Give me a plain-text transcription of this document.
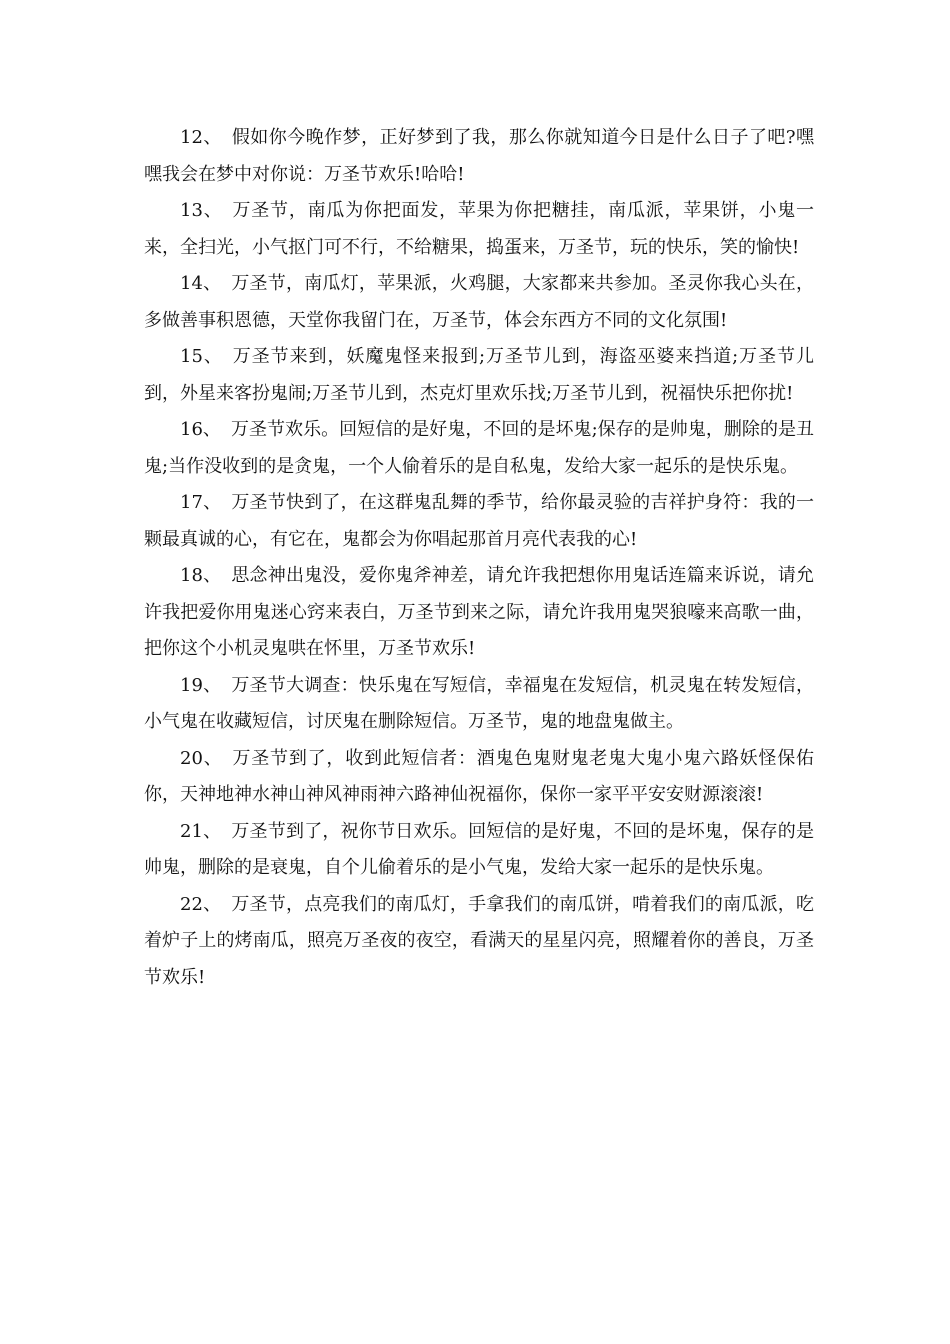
12、 假如你今晚作梦，正好梦到了我，那么你就知道今日是什么日子了吧?嘿嘿我会在梦中对你说：万圣节欢乐!哈哈!

13、 万圣节，南瓜为你把面发，苹果为你把糖挂，南瓜派，苹果饼，小鬼一来，全扫光，小气抠门可不行，不给糖果，捣蛋来，万圣节，玩的快乐，笑的愉快!

14、 万圣节，南瓜灯，苹果派，火鸡腿，大家都来共参加。圣灵你我心头在，多做善事积恩德，天堂你我留门在，万圣节，体会东西方不同的文化氛围!

15、 万圣节来到，妖魔鬼怪来报到;万圣节儿到，海盗巫婆来挡道;万圣节儿到，外星来客扮鬼闹;万圣节儿到，杰克灯里欢乐找;万圣节儿到，祝福快乐把你扰!

16、 万圣节欢乐。回短信的是好鬼，不回的是坏鬼;保存的是帅鬼，删除的是丑鬼;当作没收到的是贪鬼，一个人偷着乐的是自私鬼，发给大家一起乐的是快乐鬼。

17、 万圣节快到了，在这群鬼乱舞的季节，给你最灵验的吉祥护身符：我的一颗最真诚的心，有它在，鬼都会为你唱起那首月亮代表我的心!

18、 思念神出鬼没，爱你鬼斧神差，请允许我把想你用鬼话连篇来诉说，请允许我把爱你用鬼迷心窍来表白，万圣节到来之际，请允许我用鬼哭狼嚎来高歌一曲，把你这个小机灵鬼哄在怀里，万圣节欢乐!

19、 万圣节大调查：快乐鬼在写短信，幸福鬼在发短信，机灵鬼在转发短信，小气鬼在收藏短信，讨厌鬼在删除短信。万圣节，鬼的地盘鬼做主。

20、 万圣节到了，收到此短信者：酒鬼色鬼财鬼老鬼大鬼小鬼六路妖怪保佑你，天神地神水神山神风神雨神六路神仙祝福你，保你一家平平安安财源滚滚!

21、 万圣节到了，祝你节日欢乐。回短信的是好鬼，不回的是坏鬼，保存的是帅鬼，删除的是衰鬼，自个儿偷着乐的是小气鬼，发给大家一起乐的是快乐鬼。

22、 万圣节，点亮我们的南瓜灯，手拿我们的南瓜饼，啃着我们的南瓜派，吃着炉子上的烤南瓜，照亮万圣夜的夜空，看满天的星星闪亮，照耀着你的善良，万圣节欢乐!
